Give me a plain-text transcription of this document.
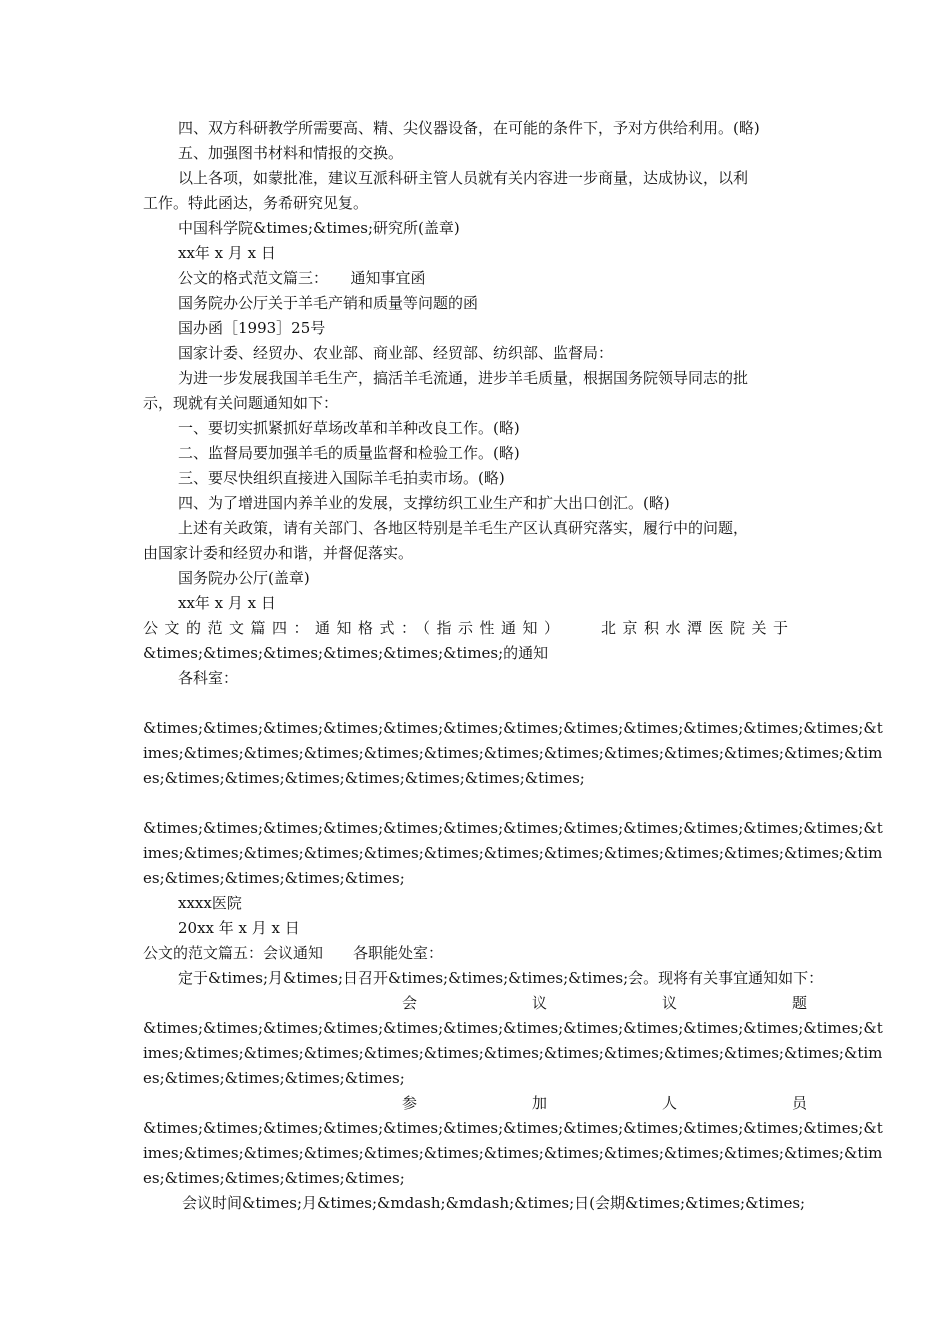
四、双方科研教学所需要高、精、尖仪器设备，在可能的条件下，予对方供给利用。(略)
五、加强图书材料和情报的交换。
以上各项，如蒙批准，建议互派科研主管人员就有关内容进一步商量，达成协议，以利
工作。特此函达，务希研究见复。
中国科学院&times;&times;研究所(盖章)
xx年 x 月 x 日
公文的格式范文篇三：　　通知事宜函
国务院办公厅关于羊毛产销和质量等问题的函
国办函［1993］25号
国家计委、经贸办、农业部、商业部、经贸部、纺织部、监督局：
为进一步发展我国羊毛生产，搞活羊毛流通，进步羊毛质量，根据国务院领导同志的批
示，现就有关问题通知如下：
一、要切实抓紧抓好草场改革和羊种改良工作。(略)
二、监督局要加强羊毛的质量监督和检验工作。(略)
三、要尽快组织直接进入国际羊毛拍卖市场。(略)
四、为了增进国内养羊业的发展，支撑纺织工业生产和扩大出口创汇。(略)
上述有关政策，请有关部门、各地区特别是羊毛生产区认真研究落实，履行中的问题，
由国家计委和经贸办和谐，并督促落实。
国务院办公厅(盖章)
xx年 x 月 x 日
公文的范文篇四：通知格式：（指示性通知）　　北京积水潭医院关于
&times;&times;&times;&times;&times;&times;的通知
各科室：
&times;&times;&times;&times;&times;&times;&times;&times;&times;&times;&times;&times;&t
imes;&times;&times;&times;&times;&times;&times;&times;&times;&times;&times;&times;&tim
es;&times;&times;&times;&times;&times;&times;&times;
&times;&times;&times;&times;&times;&times;&times;&times;&times;&times;&times;&times;&t
imes;&times;&times;&times;&times;&times;&times;&times;&times;&times;&times;&times;&tim
es;&times;&times;&times;&times;
xxxx医院
20xx 年 x 月 x 日
公文的范文篇五：会议通知　　各职能处室：
定于&times;月&times;日召开&times;&times;&times;&times;会。现将有关事宜通知如下：
会	议	议	题
&times;&times;&times;&times;&times;&times;&times;&times;&times;&times;&times;&times;&t
imes;&times;&times;&times;&times;&times;&times;&times;&times;&times;&times;&times;&tim
es;&times;&times;&times;&times;
参	加	人	员
&times;&times;&times;&times;&times;&times;&times;&times;&times;&times;&times;&times;&t
imes;&times;&times;&times;&times;&times;&times;&times;&times;&times;&times;&times;&tim
es;&times;&times;&times;&times;
会议时间&times;月&times;&mdash;&mdash;&times;日(会期&times;&times;&times;
